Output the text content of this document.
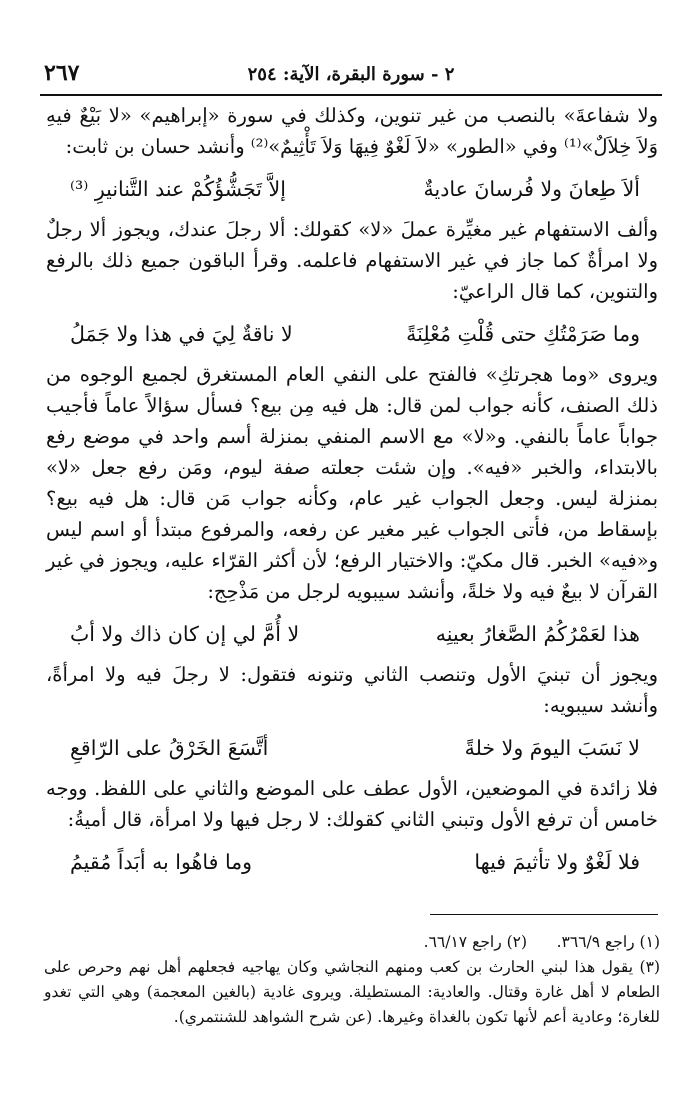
٢ - سورة البقرة، الآية: ٢٥٤
٢٦٧

ولا شفاعةَ» بالنصب من غير تنوين، وكذلك في سورة «إبراهيم» «لا بَيْعٌ فيهِ وَلاَ خِلاَلٌ»⁽¹⁾ وفي «الطور» «لاَ لَغْوٌ فِيهَا وَلاَ تَأْثِيمٌ»⁽²⁾ وأنشد حسان بن ثابت:

ألاَ طِعانَ ولا فُرسانَ عاديةٌ
إلاَّ تَجَشُّؤُكُمْ عند التَّنانيرِ ⁽³⁾

وألف الاستفهام غير مغيِّرة عملَ «لا» كقولك: ألا رجلَ عندك، ويجوز ألا رجلٌ ولا امرأةٌ كما جاز في غير الاستفهام فاعلمه. وقرأ الباقون جميع ذلك بالرفع والتنوين، كما قال الراعيّ:

وما صَرَمْتُكِ حتى قُلْتِ مُعْلِنَةً
لا ناقةٌ لِيَ في هذا ولا جَمَلُ

ويروى «وما هجرتكِ» فالفتح على النفي العام المستغرق لجميع الوجوه من ذلك الصنف، كأنه جواب لمن قال: هل فيه مِن بيع؟ فسأل سؤالاً عاماً فأجيب جواباً عاماً بالنفي. و«لا» مع الاسم المنفي بمنزلة أسم واحد في موضع رفع بالابتداء، والخبر «فيه». وإن شئت جعلته صفة ليوم، ومَن رفع جعل «لا» بمنزلة ليس. وجعل الجواب غير عام، وكأنه جواب مَن قال: هل فيه بيع؟ بإسقاط من، فأتى الجواب غير مغير عن رفعه، والمرفوع مبتدأ أو اسم ليس و«فيه» الخبر. قال مكيّ: والاختيار الرفع؛ لأن أكثر القرّاء عليه، ويجوز في غير القرآن لا بيعٌ فيه ولا خلةً، وأنشد سيبويه لرجل من مَذْحِج:

هذا لعَمْرُكُمُ الصَّغارُ بعينِه
لا أُمَّ لي إن كان ذاك ولا أبُ

ويجوز أن تبنيَ الأول وتنصب الثاني وتنونه فتقول: لا رجلَ فيه ولا امرأةً، وأنشد سيبويه:

لا نَسَبَ اليومَ ولا خلةً
أتَّسَعَ الخَرْقُ على الرّاقعِ

فلا زائدة في الموضعين، الأول عطف على الموضع والثاني على اللفظ. ووجه خامس أن ترفع الأول وتبني الثاني كقولك: لا رجل فيها ولا امرأة، قال أميةُ:

فلا لَغْوٌ ولا تأثيمَ فيها
وما فاهُوا به أبَداً مُقيمُ

(١) راجع ٣٦٦/٩.      (٢) راجع ٦٦/١٧.

(٣) يقول هذا لبني الحارث بن كعب ومنهم النجاشي وكان يهاجيه فجعلهم أهل نهم وحرص على الطعام لا أهل غارة وقتال. والعادية: المستطيلة. ويروى غادية (بالغين المعجمة) وهي التي تغدو للغارة؛ وعادية أعم لأنها تكون بالغداة وغيرها. (عن شرح الشواهد للشنتمري).
